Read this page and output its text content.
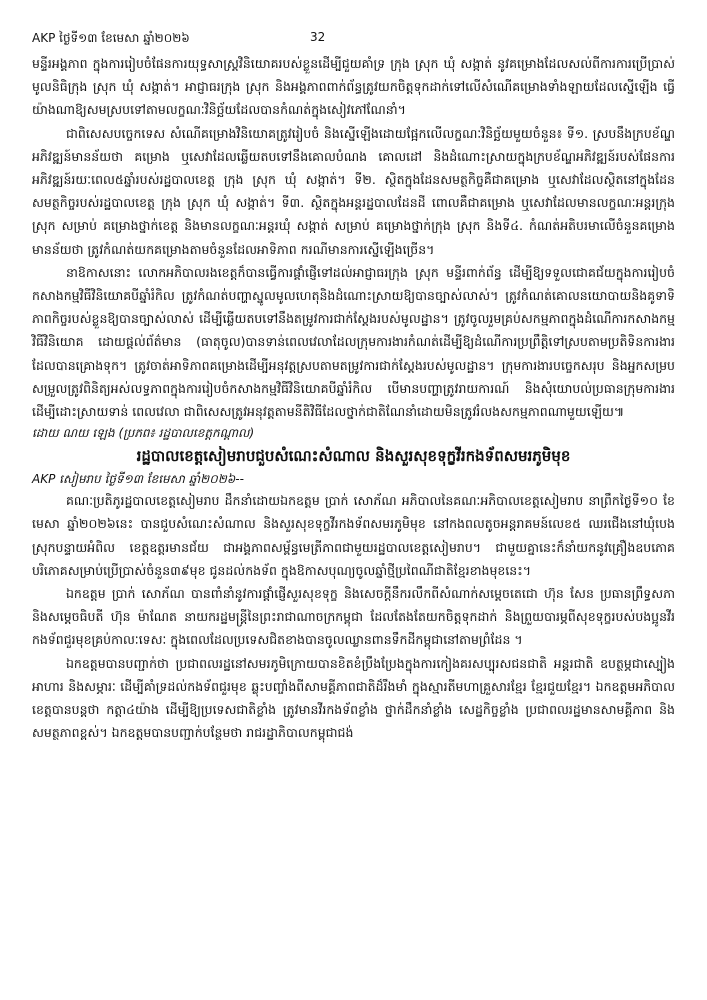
AKP ថ្ងៃទី១៣ ខែមេសា ឆ្នាំ២០២៦	32

មន្ទីរអង្គភាព ក្នុងការរៀបចំផែនការយុទ្ធសាស្ត្រវិនិយោគរបស់ខ្លួនដើម្បីជួយគាំទ្រ ក្រុង ស្រុក ឃុំ សង្កាត់ នូវគម្រោងដែលសល់ពីការការប្រើប្រាស់មូលនិធិក្រុង ស្រុក ឃុំ សង្កាត់។ អាជ្ញាធរក្រុង ស្រុក និងអង្គភាពពាក់ព័ន្ធត្រូវយកចិត្តទុកដាក់ទៅលើសំណើគម្រោងទាំងឡាយដែលស្នើឡើង ធ្វើយ៉ាងណាឱ្យសមស្របទៅតាមលក្ខណៈវិនិច្ឆ័យដែលបានកំណត់ក្នុងសៀវភៅណែនាំ។

ជាពិសេសបច្ចេកទេស សំណើគម្រោងវិនិយោគត្រូវរៀបចំ និងស្នើឡើងដោយផ្អែកលើលក្ខណៈវិនិច្ឆ័យមួយចំនួន៖ ទី១. ស្របនឹងក្របខ័ណ្ឌអភិវឌ្ឍន៍មានន័យថា គម្រោង ឬសេវាដែលឆ្លើយតបទៅនឹងគោលបំណង គោលដៅ និងដំណោះស្រាយក្នុងក្របខ័ណ្ឌអភិវឌ្ឍន៍របស់ផែនការអភិវឌ្ឍន៍រយៈពេល៥ឆ្នាំរបស់រដ្ឋបាលខេត្ត ក្រុង ស្រុក ឃុំ សង្កាត់។ ទី២. ស្ថិតក្នុងដែនសមត្ថកិច្ចគឺជាគម្រោង ឬសេវាដែលស្ថិតនៅក្នុងដែនសមត្ថកិច្ចរបស់រដ្ឋបាលខេត្ត ក្រុង ស្រុក ឃុំ សង្កាត់។ ទី៣. ស្ថិតក្នុងអន្តរដ្ឋបាលដែនដី ពោលគឺជាគម្រោង ឬសេវាដែលមានលក្ខណៈអន្តរក្រុង ស្រុក សម្រាប់ គម្រោងថ្នាក់ខេត្ត និងមានលក្ខណៈអន្តរឃុំ សង្កាត់ សម្រាប់ គម្រោងថ្នាក់ក្រុង ស្រុក និងទី៤. កំណត់អតិបរមាលើចំនួនគម្រោង មានន័យថា ត្រូវកំណត់យកគម្រោងតាមចំនួនដែលអាទិភាព ករណីមានការស្នើឡើងច្រើន។

នាឱកាសនោះ លោកអភិបាលរងខេត្តក៏បានធ្វើការផ្ដាំផ្ញើទៅដល់អាជ្ញាធរក្រុង ស្រុក មន្ទីរពាក់ព័ន្ធ ដើម្បីឱ្យទទួលជោគជ័យក្នុងការរៀបចំកសាងកម្មវិធីវិនិយោគបីឆ្នាំរំកិល ត្រូវកំណត់បញ្ហាស្នូលមូលហេតុនិងដំណោះស្រាយឱ្យបានច្បាស់លាស់។ ត្រូវកំណត់គោលនយោបាយនិងគូទាទិភាពកិច្ចរបស់ខ្លួនឱ្យបានច្បាស់លាស់ ដើម្បីឆ្លើយតបទៅនឹងតម្រូវការជាក់ស្ដែងរបស់មូលដ្ឋាន។ ត្រូវចូលរួមគ្រប់សកម្មភាពក្នុងដំណើការកសាងកម្មវិធីវិនិយោគ ដោយផ្ដល់ព័ត៌មាន (ធាតុចូល)បានទាន់ពេលវេលាដែលក្រុមការងារកំណត់ដើម្បីឱ្យដំណើការប្រព្រឹត្តិទៅស្របតាមប្រតិទិនការងារដែលបានគ្រោងទុក។ ត្រូវចាត់អាទិភាពគម្រោងដើម្បីអនុវត្តស្របតាមតម្រូវការជាក់ស្ដែងរបស់មូលដ្ឋាន។ ក្រុមការងារបច្ចេកសរុប និងអ្នកសម្របសម្រួលត្រូវពិនិត្យអស់លទ្ធភាពក្នុងការរៀបចំកសាងកម្មវិធីវិនិយោគបីឆ្នាំរំកិល បើមានបញ្ហាត្រូវរាយការណ៍ និងសុំយោបល់ប្រធានក្រុមការងារ ដើម្បីដោះស្រាយទាន់ ពេលវេលា ជាពិសេសត្រូវអនុវត្តតាមនីតិវិធីដែលថ្នាក់ជាតិណែនាំដោយមិនត្រូវរំលងសកម្មភាពណាមួយឡើយ៕

ដោយ ណយ ឡេង (ប្រភព៖ រដ្ឋបាលខេត្តកណ្ដាល)

រដ្ឋបាលខេត្តសៀមរាបជួបសំណេះសំណាល និងសួរសុខទុក្ខវីរកងទ័ពសមរភូមិមុខ

AKP សៀមរាប ថ្ងៃទី១៣ ខែមេសា ឆ្នាំ២០២៦--

គណៈប្រតិភូរដ្ឋបាលខេត្តសៀមរាប ដឹកនាំដោយឯកឧត្តម ប្រាក់ សោភ័ណ អភិបាលនៃគណៈអភិបាលខេត្តសៀមរាប នាព្រឹកថ្ងៃទី១០ ខែមេសា ឆ្នាំ២០២៦នេះ បានជួបសំណេះសំណាល និងសួរសុខទុក្ខវីរកងទ័ពសមរភូមិមុខ នៅកងពលតូចអន្តរាគមន៍លេខ៥ ឈរជើងនៅឃុំបេង ស្រុកបន្ទាយអំពិល ខេត្តឧត្ដរមានជ័យ ជាអង្គភាពសម្ព័ន្ធមេត្រីភាពជាមួយរដ្ឋបាលខេត្តសៀមរាប។ ជាមួយគ្នានេះក៏នាំយកនូវគ្រឿងឧបភោគបរិភោគសម្រាប់ប្រើប្រាស់ចំនួន៣៩មុខ ជូនដល់កងទ័ព ក្នុងឱកាសបុណ្យចូលឆ្នាំថ្មីប្រពៃណីជាតិខ្មែរខាងមុខនេះ។

ឯកឧត្តម ប្រាក់ សោភ័ណ បានពាំនាំនូវការផ្ដាំផ្ញើសួរសុខទុក្ខ និងសេចក្ដីនឹករលឹកពីសំណាក់សម្ដេចតេជោ ហ៊ុន សែន ប្រធានព្រឹទ្ធសភា និងសម្ដេចធិបតី ហ៊ុន ម៉ាណែត នាយករដ្ឋមន្ត្រីនៃព្រះរាជាណាចក្រកម្ពុជា ដែលតែងតែយកចិត្តទុកដាក់ និងព្រួយបារម្ភពីសុខទុក្ខរបស់បងប្អូនវីរកងទ័ពជួរមុខគ្រប់កាលៈទេសៈ ក្នុងពេលដែលប្រទេសជិតខាងបានចូលឈ្លានពានទឹកដីកម្ពុជានៅតាមព្រំដែន ។

ឯកឧត្តមបានបញ្ជាក់ថា ប្រជាពលរដ្ឋនៅសមរភូមិក្រោយបានខិតខំប្រឹងប្រែងក្នុងការកៀងគរសប្បុរសជនជាតិ អន្តរជាតិ ឧបត្ថម្ភជាស្បៀងអាហារ និងសម្ភារៈ ដើម្បីគាំទ្រដល់កងទ័ពជួរមុខ ឆ្លុះបញ្ចាំងពីសាមគ្គីភាពជាតិដ៏រឹងមាំ ក្នុងស្មារតីមហាគ្រួសារខ្មែរ ខ្មែរជួយខ្មែរ។ ឯកឧត្តមអភិបាលខេត្តបានបន្ដថា កត្តា៤យ៉ាង ដើម្បីឱ្យប្រទេសជាតិខ្លាំង ត្រូវមានវីរកងទ័ពខ្លាំង ថ្នាក់ដឹកនាំខ្លាំង សេដ្ឋកិច្ចខ្លាំង ប្រជាពលរដ្ឋមានសាមគ្គីភាព និងសមត្ថភាពខ្ពស់។ ឯកឧត្តមបានបញ្ជាក់បន្ថែមថា រាជរដ្ឋាភិបាលកម្ពុជាជង់
